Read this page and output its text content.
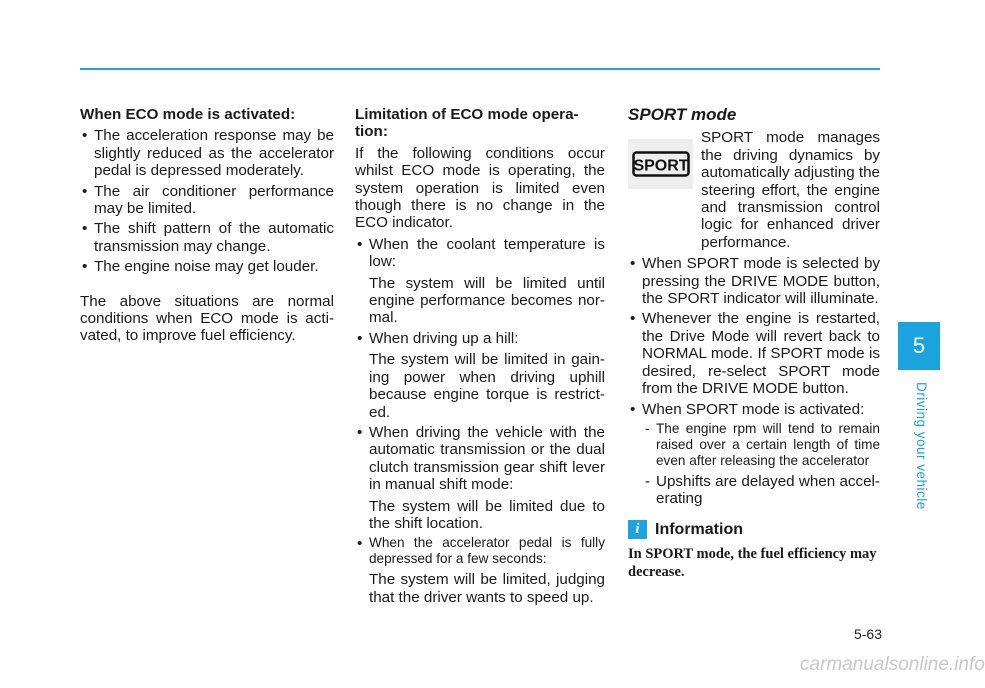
When ECO mode is activated:

• The acceleration response may be slightly reduced as the accelerator pedal is depressed moderately.
• The air conditioner performance may be limited.
• The shift pattern of the automatic transmission may change.
• The engine noise may get louder.

The above situations are normal conditions when ECO mode is acti-vated, to improve fuel efficiency.

Limitation of ECO mode opera-tion:

If the following conditions occur whilst ECO mode is operating, the system operation is limited even though there is no change in the ECO indicator.

• When the coolant temperature is low:
The system will be limited until engine performance becomes nor-mal.
• When driving up a hill:
The system will be limited in gain-ing power when driving uphill because engine torque is restrict-ed.
• When driving the vehicle with the automatic transmission or the dual clutch transmission gear shift lever in manual shift mode:
The system will be limited due to the shift location.
• When the accelerator pedal is fully depressed for a few seconds:
The system will be limited, judging that the driver wants to speed up.

SPORT mode

SPORT

SPORT mode manages the driving dynamics by automatically adjusting the steering effort, the engine and transmission control logic for enhanced driver performance.

• When SPORT mode is selected by pressing the DRIVE MODE button, the SPORT indicator will illuminate.
• Whenever the engine is restarted, the Drive Mode will revert back to NORMAL mode. If SPORT mode is desired, re-select SPORT mode from the DRIVE MODE button.
• When SPORT mode is activated:
- The engine rpm will tend to remain raised over a certain length of time even after releasing the accelerator
- Upshifts are delayed when accel-erating
i Information

In SPORT mode, the fuel efficiency may decrease.

5
Driving your vehicle
5-63
carmanualsonline.info
